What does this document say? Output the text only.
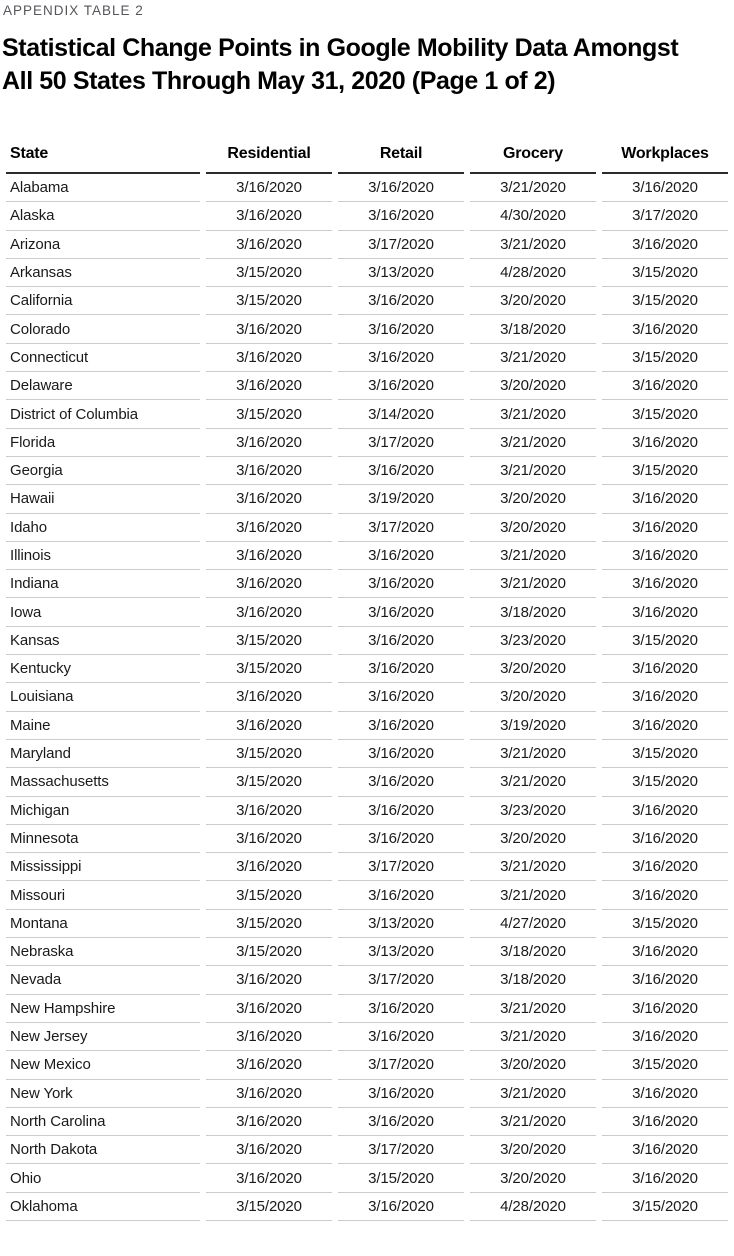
APPENDIX TABLE 2
Statistical Change Points in Google Mobility Data Amongst
All 50 States Through May 31, 2020 (Page 1 of 2)
State	Residential	Retail	Grocery	Workplaces
Alabama	3/16/2020	3/16/2020	3/21/2020	3/16/2020
Alaska	3/16/2020	3/16/2020	4/30/2020	3/17/2020
Arizona	3/16/2020	3/17/2020	3/21/2020	3/16/2020
Arkansas	3/15/2020	3/13/2020	4/28/2020	3/15/2020
California	3/15/2020	3/16/2020	3/20/2020	3/15/2020
Colorado	3/16/2020	3/16/2020	3/18/2020	3/16/2020
Connecticut	3/16/2020	3/16/2020	3/21/2020	3/15/2020
Delaware	3/16/2020	3/16/2020	3/20/2020	3/16/2020
District of Columbia	3/15/2020	3/14/2020	3/21/2020	3/15/2020
Florida	3/16/2020	3/17/2020	3/21/2020	3/16/2020
Georgia	3/16/2020	3/16/2020	3/21/2020	3/15/2020
Hawaii	3/16/2020	3/19/2020	3/20/2020	3/16/2020
Idaho	3/16/2020	3/17/2020	3/20/2020	3/16/2020
Illinois	3/16/2020	3/16/2020	3/21/2020	3/16/2020
Indiana	3/16/2020	3/16/2020	3/21/2020	3/16/2020
Iowa	3/16/2020	3/16/2020	3/18/2020	3/16/2020
Kansas	3/15/2020	3/16/2020	3/23/2020	3/15/2020
Kentucky	3/15/2020	3/16/2020	3/20/2020	3/16/2020
Louisiana	3/16/2020	3/16/2020	3/20/2020	3/16/2020
Maine	3/16/2020	3/16/2020	3/19/2020	3/16/2020
Maryland	3/15/2020	3/16/2020	3/21/2020	3/15/2020
Massachusetts	3/15/2020	3/16/2020	3/21/2020	3/15/2020
Michigan	3/16/2020	3/16/2020	3/23/2020	3/16/2020
Minnesota	3/16/2020	3/16/2020	3/20/2020	3/16/2020
Mississippi	3/16/2020	3/17/2020	3/21/2020	3/16/2020
Missouri	3/15/2020	3/16/2020	3/21/2020	3/16/2020
Montana	3/15/2020	3/13/2020	4/27/2020	3/15/2020
Nebraska	3/15/2020	3/13/2020	3/18/2020	3/16/2020
Nevada	3/16/2020	3/17/2020	3/18/2020	3/16/2020
New Hampshire	3/16/2020	3/16/2020	3/21/2020	3/16/2020
New Jersey	3/16/2020	3/16/2020	3/21/2020	3/16/2020
New Mexico	3/16/2020	3/17/2020	3/20/2020	3/15/2020
New York	3/16/2020	3/16/2020	3/21/2020	3/16/2020
North Carolina	3/16/2020	3/16/2020	3/21/2020	3/16/2020
North Dakota	3/16/2020	3/17/2020	3/20/2020	3/16/2020
Ohio	3/16/2020	3/15/2020	3/20/2020	3/16/2020
Oklahoma	3/15/2020	3/16/2020	4/28/2020	3/15/2020
